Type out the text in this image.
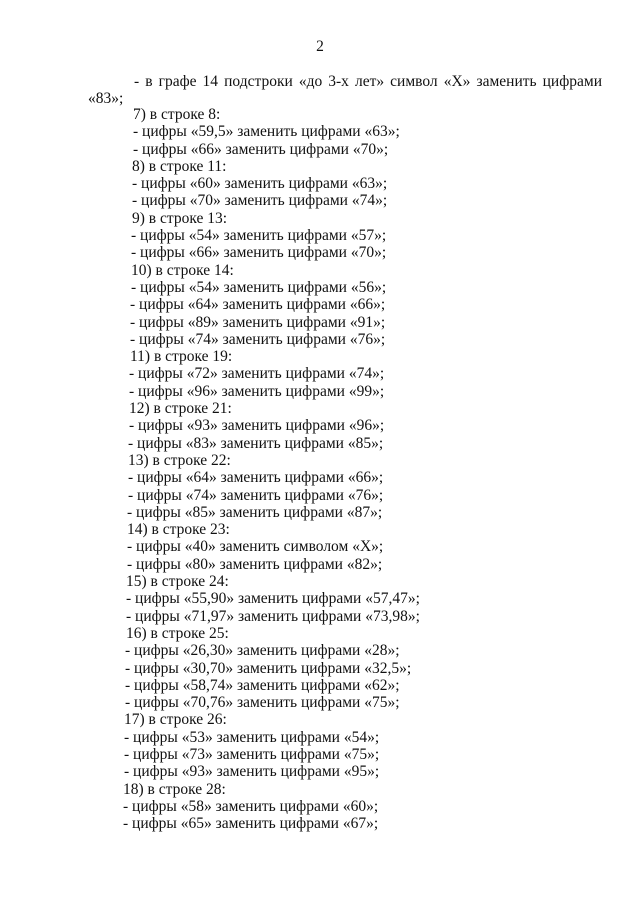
2
- в графе 14 подстроки «до 3-х лет» символ «Х» заменить цифрами
«83»;
7) в строке 8:
- цифры «59,5» заменить цифрами «63»;
- цифры «66» заменить цифрами «70»;
8) в строке 11:
- цифры «60» заменить цифрами «63»;
- цифры «70» заменить цифрами «74»;
9) в строке 13:
- цифры «54» заменить цифрами «57»;
- цифры «66» заменить цифрами «70»;
10) в строке 14:
- цифры «54» заменить цифрами «56»;
- цифры «64» заменить цифрами «66»;
- цифры «89» заменить цифрами «91»;
- цифры «74» заменить цифрами «76»;
11) в строке 19:
- цифры «72» заменить цифрами «74»;
- цифры «96» заменить цифрами «99»;
12) в строке 21:
- цифры «93» заменить цифрами «96»;
- цифры «83» заменить цифрами «85»;
13) в строке 22:
- цифры «64» заменить цифрами «66»;
- цифры «74» заменить цифрами «76»;
- цифры «85» заменить цифрами «87»;
14) в строке 23:
- цифры «40» заменить символом «Х»;
- цифры «80» заменить цифрами «82»;
15) в строке 24:
- цифры «55,90» заменить цифрами «57,47»;
- цифры «71,97» заменить цифрами «73,98»;
16) в строке 25:
- цифры «26,30» заменить цифрами «28»;
- цифры «30,70» заменить цифрами «32,5»;
- цифры «58,74» заменить цифрами «62»;
- цифры «70,76» заменить цифрами «75»;
17) в строке 26:
- цифры «53» заменить цифрами «54»;
- цифры «73» заменить цифрами «75»;
- цифры «93» заменить цифрами «95»;
18) в строке 28:
- цифры «58» заменить цифрами «60»;
- цифры «65» заменить цифрами «67»;
